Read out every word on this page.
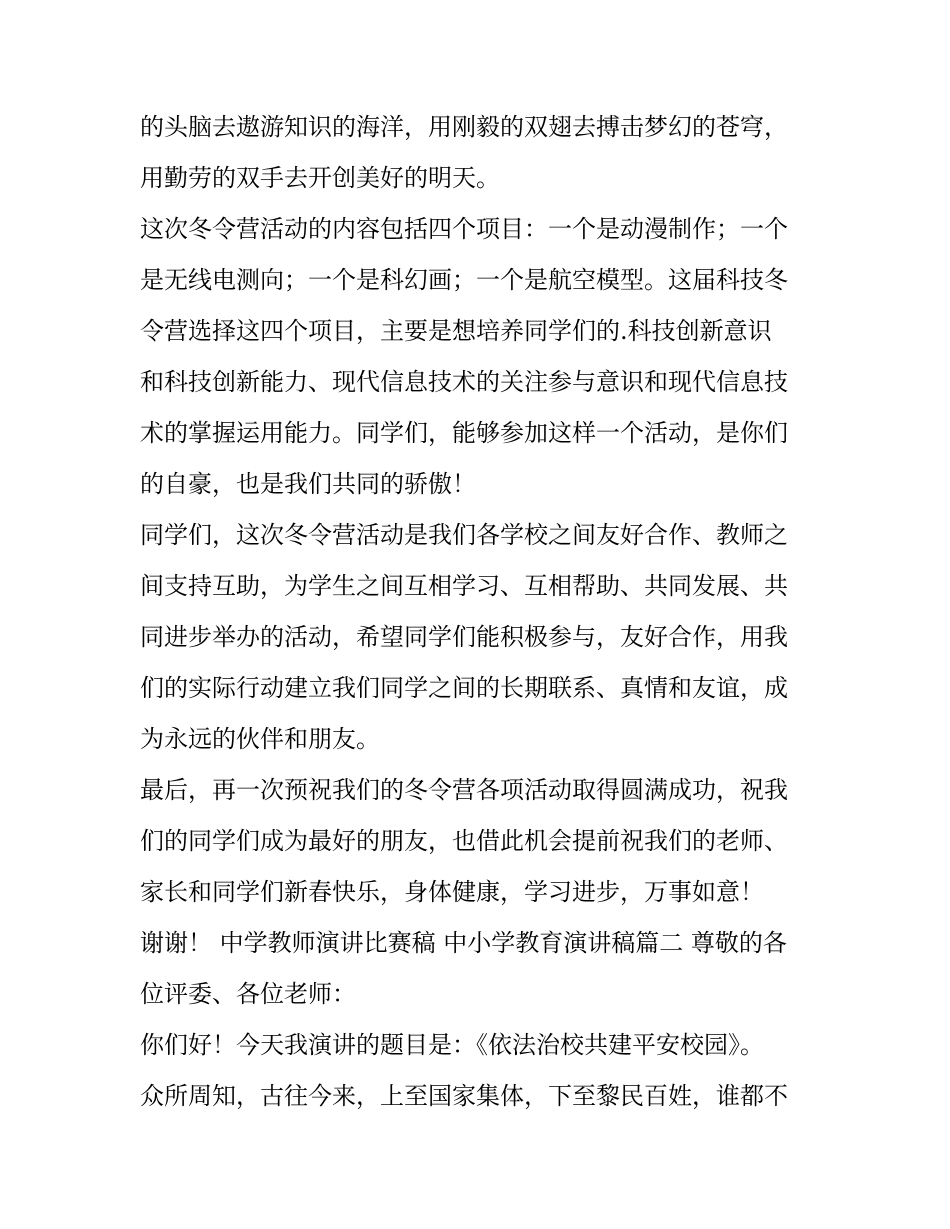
的头脑去遨游知识的海洋，用刚毅的双翅去搏击梦幻的苍穹，
用勤劳的双手去开创美好的明天。
这次冬令营活动的内容包括四个项目：一个是动漫制作；一个
是无线电测向；一个是科幻画；一个是航空模型。这届科技冬
令营选择这四个项目，主要是想培养同学们的.科技创新意识
和科技创新能力、现代信息技术的关注参与意识和现代信息技
术的掌握运用能力。同学们，能够参加这样一个活动，是你们
的自豪，也是我们共同的骄傲！
同学们，这次冬令营活动是我们各学校之间友好合作、教师之
间支持互助，为学生之间互相学习、互相帮助、共同发展、共
同进步举办的活动，希望同学们能积极参与，友好合作，用我
们的实际行动建立我们同学之间的长期联系、真情和友谊，成
为永远的伙伴和朋友。
最后，再一次预祝我们的冬令营各项活动取得圆满成功，祝我
们的同学们成为最好的朋友，也借此机会提前祝我们的老师、
家长和同学们新春快乐，身体健康，学习进步，万事如意！
谢谢！ 中学教师演讲比赛稿 中小学教育演讲稿篇二 尊敬的各
位评委、各位老师：
你们好！今天我演讲的题目是：《依法治校共建平安校园》。
众所周知，古往今来，上至国家集体，下至黎民百姓，谁都不
